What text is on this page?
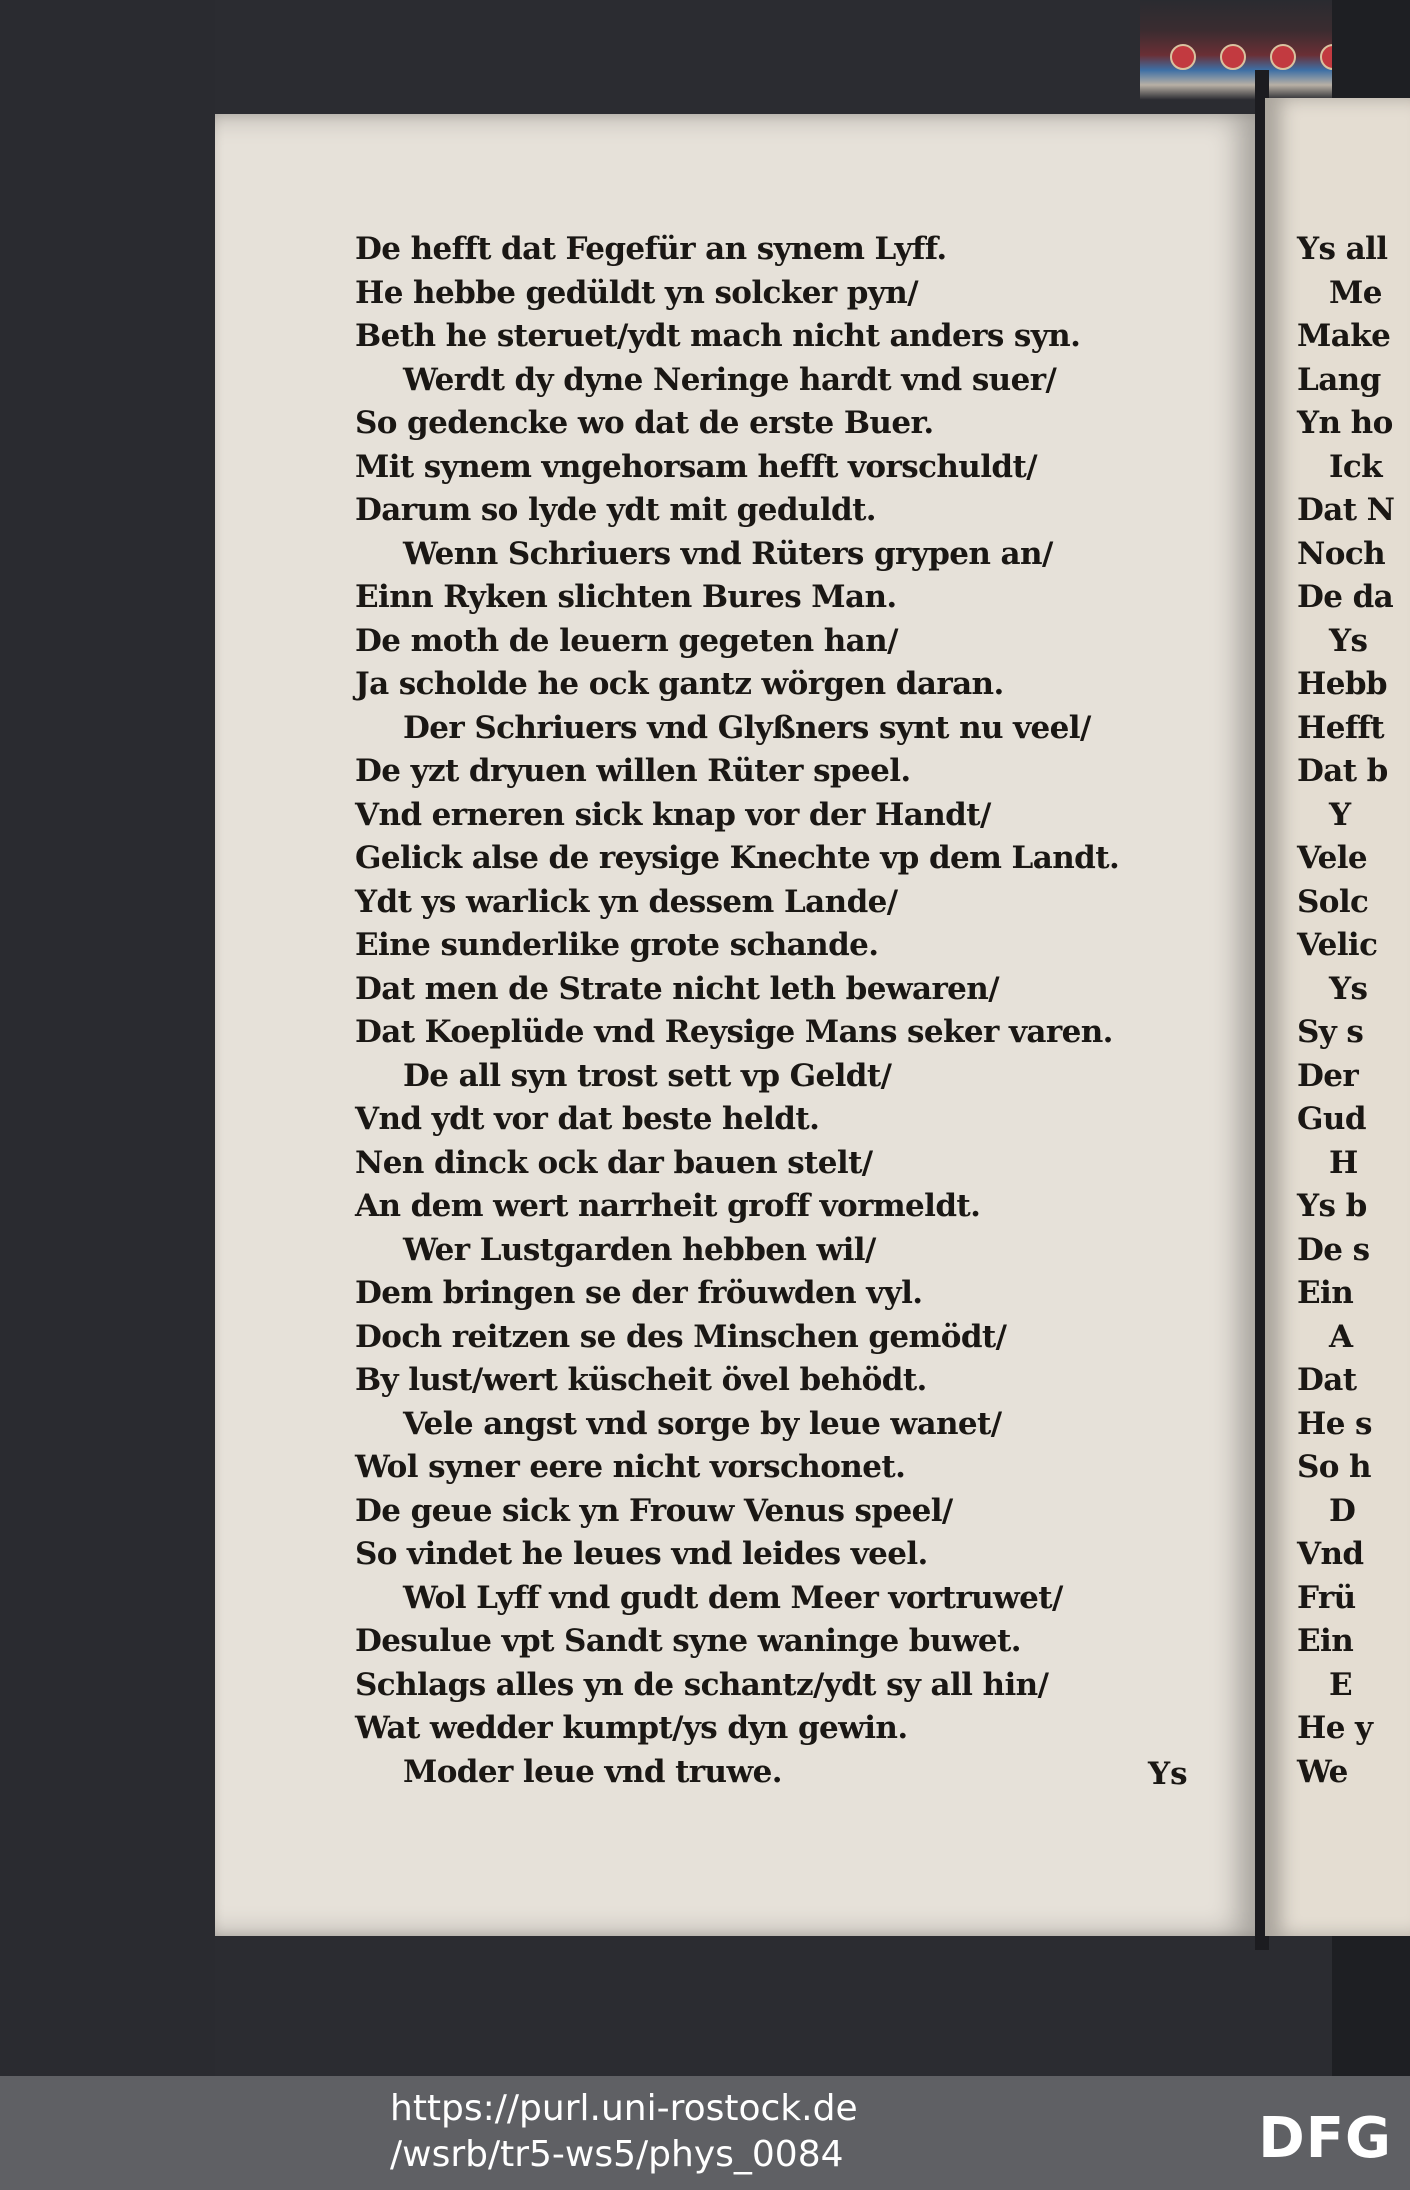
De hefft dat Fegefür an synem Lyff.
He hebbe gedüldt yn solcker pyn/
Beth he steruet/ydt mach nicht anders syn.
Werdt dy dyne Neringe hardt vnd suer/
So gedencke wo dat de erste Buer.
Mit synem vngehorsam hefft vorschuldt/
Darum so lyde ydt mit geduldt.
Wenn Schriuers vnd Rüters grypen an/
Einn Ryken slichten Bures Man.
De moth de leuern gegeten han/
Ja scholde he ock gantz wörgen daran.
Der Schriuers vnd Glyßners synt nu veel/
De yzt dryuen willen Rüter speel.
Vnd erneren sick knap vor der Handt/
Gelick alse de reysige Knechte vp dem Landt.
Ydt ys warlick yn dessem Lande/
Eine sunderlike grote schande.
Dat men de Strate nicht leth bewaren/
Dat Koeplüde vnd Reysige Mans seker varen.
De all syn trost sett vp Geldt/
Vnd ydt vor dat beste heldt.
Nen dinck ock dar bauen stelt/
An dem wert narrheit groff vormeldt.
Wer Lustgarden hebben wil/
Dem bringen se der fröuwden vyl.
Doch reitzen se des Minschen gemödt/
By lust/wert küscheit övel behödt.
Vele angst vnd sorge by leue wanet/
Wol syner eere nicht vorschonet.
De geue sick yn Frouw Venus speel/
So vindet he leues vnd leides veel.
Wol Lyff vnd gudt dem Meer vortruwet/
Desulue vpt Sandt syne waninge buwet.
Schlags alles yn de schantz/ydt sy all hin/
Wat wedder kumpt/ys dyn gewin.
Moder leue vnd truwe.	Ys
Ys all
Me
Make
Lang
Yn ho
Ick
Dat N
Noch
De da
Ys
Hebb
Hefft
Dat b
Y
Vele
Solc
Velic
Ys
Sy s
Der
Gud
H
Ys b
De s
Ein
A
Dat
He s
So h
D
Vnd
Frü
Ein
E
He y
We
https://purl.uni-rostock.de
/wsrb/tr5-ws5/phys_0084	DFG
